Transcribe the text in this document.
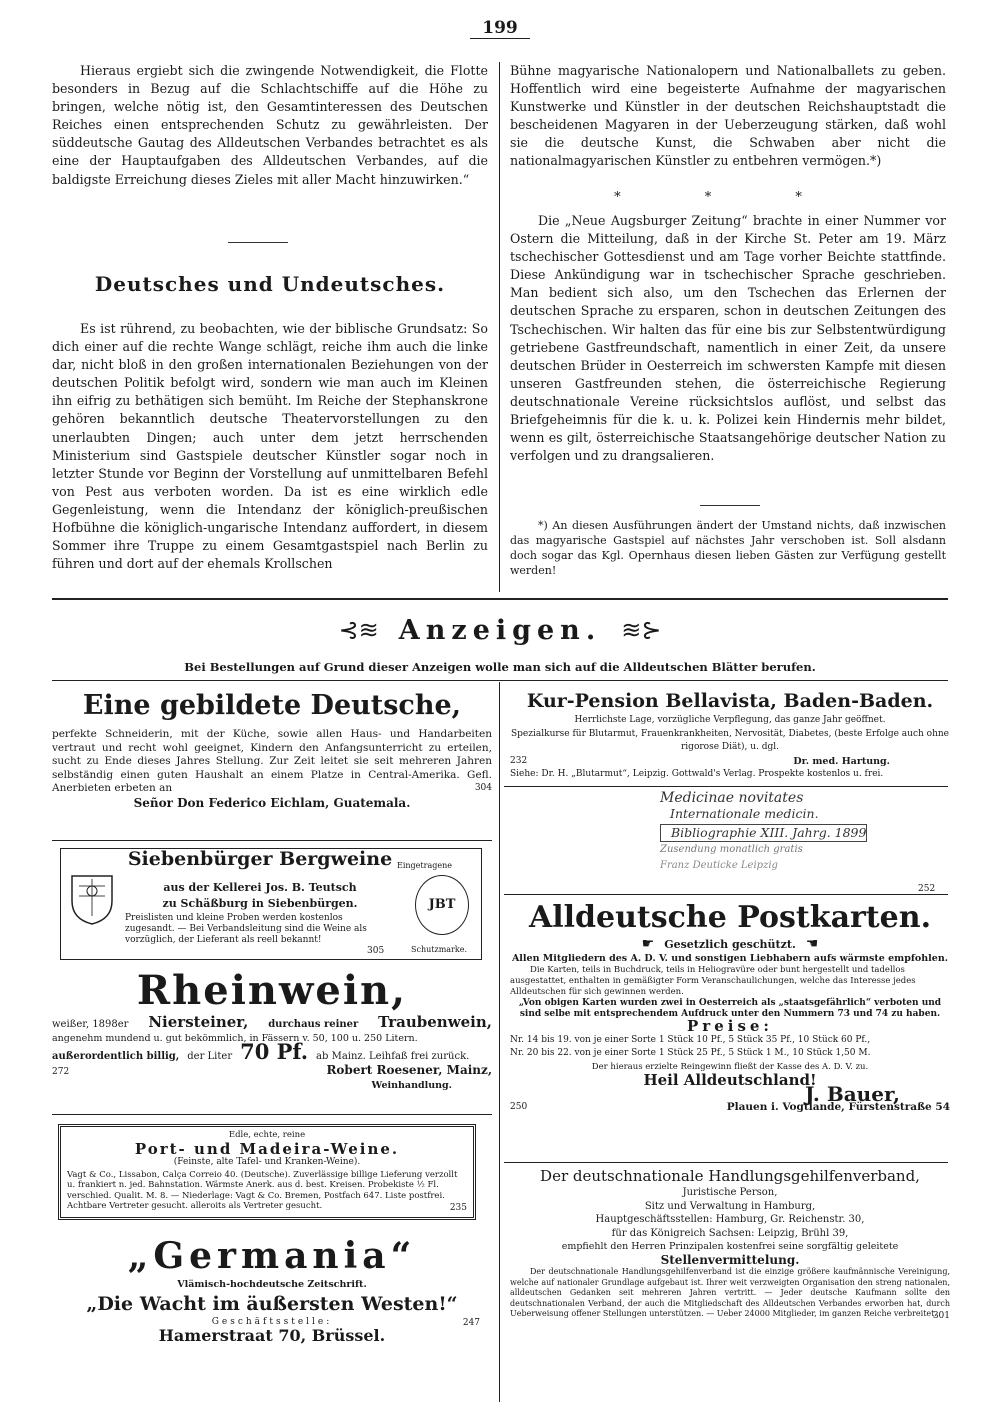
199

Hieraus ergiebt sich die zwingende Notwendigkeit, die Flotte besonders in Bezug auf die Schlachtschiffe auf die Höhe zu bringen, welche nötig ist, den Gesamtinteressen des Deutschen Reiches einen entsprechenden Schutz zu gewährleisten. Der süddeutsche Gautag des Alldeutschen Verbandes betrachtet es als eine der Hauptaufgaben des Alldeutschen Verbandes, auf die baldigste Erreichung dieses Zieles mit aller Macht hinzuwirken.“

Deutsches und Undeutsches.

Es ist rührend, zu beobachten, wie der biblische Grundsatz: So dich einer auf die rechte Wange schlägt, reiche ihm auch die linke dar, nicht bloß in den großen internationalen Beziehungen von der deutschen Politik befolgt wird, sondern wie man auch im Kleinen ihn eifrig zu bethätigen sich bemüht. Im Reiche der Stephanskrone gehören bekanntlich deutsche Theatervorstellungen zu den unerlaubten Dingen; auch unter dem jetzt herrschenden Ministerium sind Gastspiele deutscher Künstler sogar noch in letzter Stunde vor Beginn der Vorstellung auf unmittelbaren Befehl von Pest aus verboten worden. Da ist es eine wirklich edle Gegenleistung, wenn die Intendanz der königlich-preußischen Hofbühne die königlich-ungarische Intendanz auffordert, in diesem Sommer ihre Truppe zu einem Gesamtgastspiel nach Berlin zu führen und dort auf der ehemals Krollschen

Bühne magyarische Nationalopern und Nationalballets zu geben. Hoffentlich wird eine begeisterte Aufnahme der magyarischen Kunstwerke und Künstler in der deutschen Reichshauptstadt die bescheidenen Magyaren in der Ueberzeugung stärken, daß wohl sie die deutsche Kunst, die Schwaben aber nicht die nationalmagyarischen Künstler zu entbehren vermögen.*)

* * *

Die „Neue Augsburger Zeitung“ brachte in einer Nummer vor Ostern die Mitteilung, daß in der Kirche St. Peter am 19. März tschechischer Gottesdienst und am Tage vorher Beichte stattfinde. Diese Ankündigung war in tschechischer Sprache geschrieben. Man bedient sich also, um den Tschechen das Erlernen der deutschen Sprache zu ersparen, schon in deutschen Zeitungen des Tschechischen. Wir halten das für eine bis zur Selbstentwürdigung getriebene Gastfreundschaft, namentlich in einer Zeit, da unsere deutschen Brüder in Oesterreich im schwersten Kampfe mit diesen unseren Gastfreunden stehen, die österreichische Regierung deutschnationale Vereine rücksichtslos auflöst, und selbst das Briefgeheimnis für die k. u. k. Polizei kein Hindernis mehr bildet, wenn es gilt, österreichische Staatsangehörige deutscher Nation zu verfolgen und zu drangsalieren.

*) An diesen Ausführungen ändert der Umstand nichts, daß inzwischen das magyarische Gastspiel auf nächstes Jahr verschoben ist. Soll alsdann doch sogar das Kgl. Opernhaus diesen lieben Gästen zur Verfügung gestellt werden!
⊰≋ Anzeigen. ≋⊱
Bei Bestellungen auf Grund dieser Anzeigen wolle man sich auf die Alldeutschen Blätter berufen.
Eine gebildete Deutsche,

perfekte Schneiderin, mit der Küche, sowie allen Haus- und Handarbeiten vertraut und recht wohl geeignet, Kindern den Anfangsunterricht zu erteilen, sucht zu Ende dieses Jahres Stellung. Zur Zeit leitet sie seit mehreren Jahren selbständig einen guten Haushalt an einem Platze in Central-Amerika. Gefl. Anerbieten erbeten an	304
Señor Don Federico Eichlam, Guatemala.
Siebenbürger Bergweine Eingetragene
aus der Kellerei Jos. B. Teutsch
zu Schäßburg in Siebenbürgen.
Preislisten und kleine Proben werden kostenlos zugesandt. — Bei Verbandsleitung sind die Weine als vorzüglich, der Lieferant als reell bekannt!
305
JBT
Schutzmarke.
Rheinwein,
weißer, 1898er Niersteiner, durchaus reiner Traubenwein,
angenehm mundend u. gut bekömmlich, in Fässern v. 50, 100 u. 250 Litern.
außerordentlich billig, der Liter 70 Pf. ab Mainz. Leihfaß frei zurück.
272	Robert Roesener, Mainz,
Weinhandlung.
Edle, echte, reine
Port- und Madeira-Weine.
(Feinste, alte Tafel- und Kranken-Weine).
Vagt & Co., Lissabon, Calça Correio 40. (Deutsche). Zuverlässige billige Lieferung verzollt u. frankiert n. jed. Bahnstation. Wärmste Anerk. aus d. best. Kreisen. Probekiste ½ Fl. verschied. Qualit. M. 8. — Niederlage: Vagt & Co. Bremen, Postfach 647. Liste postfrei. Achtbare Vertreter gesucht. alleroits als Vertreter gesucht.	235
„Germania“
Vlämisch-hochdeutsche Zeitschrift.
„Die Wacht im äußersten Westen!“
Geschäftsstelle:
Hamerstraat 70, Brüssel.
247
Kur-Pension Bellavista, Baden-Baden.
Herrlichste Lage, vorzügliche Verpflegung, das ganze Jahr geöffnet.
Spezialkurse für Blutarmut, Frauenkrankheiten, Nervosität, Diabetes, (beste Erfolge auch ohne rigorose Diät), u. dgl.
232	Dr. med. Hartung.
Siehe: Dr. H. „Blutarmut“, Leipzig. Gottwald's Verlag. Prospekte kostenlos u. frei.
Medicinae novitates
Internationale medicin.
Bibliographie XIII. Jahrg. 1899
Zusendung monatlich gratis
Franz Deuticke Leipzig
252
Alldeutsche Postkarten.
☛ Gesetzlich geschützt. ☚
Allen Mitgliedern des A. D. V. und sonstigen Liebhabern aufs wärmste empfohlen.
Die Karten, teils in Buchdruck, teils in Heliogravüre oder bunt hergestellt und tadellos ausgestattet, enthalten in gemäßigter Form Veranschaulichungen, welche das Interesse jedes Alldeutschen für sich gewinnen werden.
„Von obigen Karten wurden zwei in Oesterreich als „staatsgefährlich“ verboten und sind selbe mit entsprechendem Aufdruck unter den Nummern 73 und 74 zu haben.
Preise:
Nr. 14 bis 19. von je einer Sorte 1 Stück 10 Pf., 5 Stück 35 Pf., 10 Stück 60 Pf.,
Nr. 20 bis 22. von je einer Sorte 1 Stück 25 Pf., 5 Stück 1 M., 10 Stück 1,50 M.
Der hieraus erzielte Reingewinn fließt der Kasse des A. D. V. zu.
Heil Alldeutschland!
J. Bauer,
250	Plauen i. Vogtlande, Fürstenstraße 54
Der deutschnationale Handlungsgehilfenverband,
Juristische Person,
Sitz und Verwaltung in Hamburg,
Hauptgeschäftsstellen: Hamburg, Gr. Reichenstr. 30,
für das Königreich Sachsen: Leipzig, Brühl 39,
empfiehlt den Herren Prinzipalen kostenfrei seine sorgfältig geleitete
Stellenvermittelung.
Der deutschnationale Handlungsgehilfenverband ist die einzige größere kaufmännische Vereinigung, welche auf nationaler Grundlage aufgebaut ist. Ihrer weit verzweigten Organisation den streng nationalen, alldeutschen Gedanken seit mehreren Jahren vertritt. — Jeder deutsche Kaufmann sollte den deutschnationalen Verband, der auch die Mitgliedschaft des Alldeutschen Verbandes erworben hat, durch Ueberweisung offener Stellungen unterstützen. — Ueber 24000 Mitglieder, im ganzen Reiche verbreitet.
301
